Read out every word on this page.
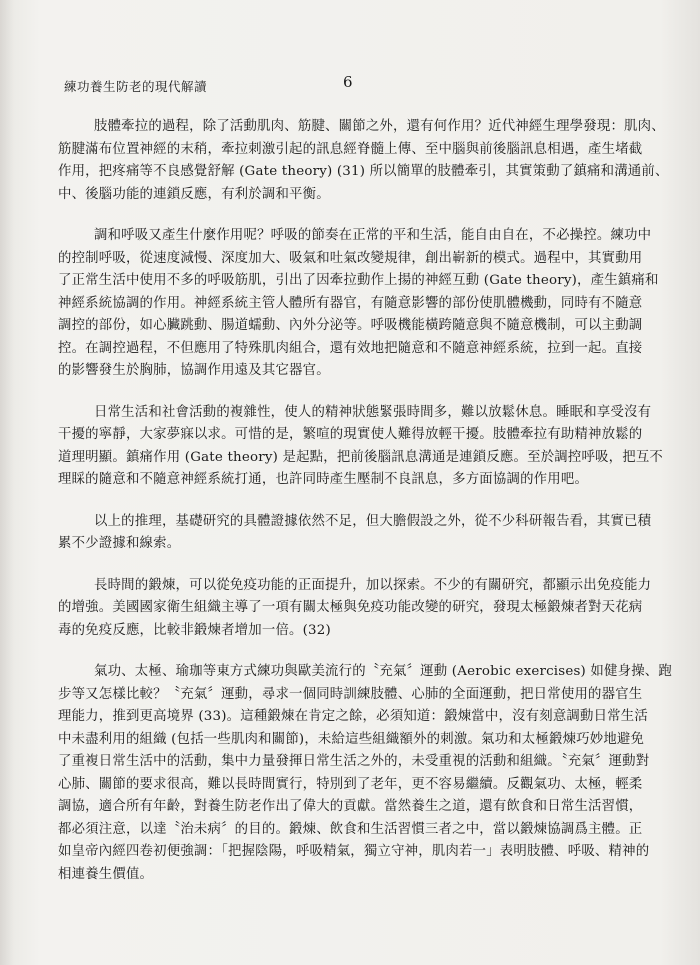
練功養生防老的現代解讀	6
肢體牽拉的過程，除了活動肌肉、筋腱、關節之外，還有何作用？近代神經生理學發現：肌肉、
筋腱滿布位置神經的末稍，牽拉刺激引起的訊息經脊髓上傳、至中腦與前後腦訊息相遇，產生堵截
作用，把疼痛等不良感覺舒解 (Gate theory) (31) 所以簡單的肢體牽引，其實策動了鎮痛和溝通前、
中、後腦功能的連鎖反應，有利於調和平衡。
調和呼吸又產生什麼作用呢？呼吸的節奏在正常的平和生活，能自由自在，不必操控。練功中
的控制呼吸，從速度減慢、深度加大、吸氣和吐氣改變規律，創出嶄新的模式。過程中，其實動用
了正常生活中使用不多的呼吸筋肌，引出了因牽拉動作上揚的神經互動 (Gate theory)，產生鎮痛和
神經系統協調的作用。神經系統主管人體所有器官，有隨意影響的部份使肌體機動，同時有不隨意
調控的部份，如心臟跳動、腸道蠕動、內外分泌等。呼吸機能橫跨隨意與不隨意機制，可以主動調
控。在調控過程，不但應用了特殊肌肉組合，還有效地把隨意和不隨意神經系統，拉到一起。直接
的影響發生於胸肺，協調作用遠及其它器官。
日常生活和社會活動的複雜性，使人的精神狀態緊張時間多，難以放鬆休息。睡眠和享受沒有
干擾的寧靜，大家夢寐以求。可惜的是，繁喧的現實使人難得放輕干擾。肢體牽拉有助精神放鬆的
道理明顯。鎮痛作用 (Gate theory) 是起點，把前後腦訊息溝通是連鎖反應。至於調控呼吸，把互不
理睬的隨意和不隨意神經系統打通，也許同時產生壓制不良訊息，多方面協調的作用吧。
以上的推理，基礎研究的具體證據依然不足，但大膽假設之外，從不少科研報告看，其實已積
累不少證據和線索。
長時間的鍛煉，可以從免疫功能的正面提升，加以探索。不少的有關研究，都顯示出免疫能力
的增強。美國國家衛生組織主導了一項有關太極與免疫功能改變的研究，發現太極鍛煉者對天花病
毒的免疫反應，比較非鍛煉者增加一倍。(32)
氣功、太極、瑜珈等東方式練功與歐美流行的〝充氣〞運動 (Aerobic exercises) 如健身操、跑
步等又怎樣比較？〝充氣〞運動，尋求一個同時訓練肢體、心肺的全面運動，把日常使用的器官生
理能力，推到更高境界 (33)。這種鍛煉在肯定之餘，必須知道：鍛煉當中，沒有刻意調動日常生活
中未盡利用的組織 (包括一些肌肉和關節)，未給這些組織額外的刺激。氣功和太極鍛煉巧妙地避免
了重複日常生活中的活動，集中力量發揮日常生活之外的，未受重視的活動和組織。〝充氣〞運動對
心肺、關節的要求很高，難以長時間實行，特別到了老年，更不容易繼續。反觀氣功、太極，輕柔
調協，適合所有年齡，對養生防老作出了偉大的貢獻。當然養生之道，還有飲食和日常生活習慣，
都必須注意，以達〝治未病〞的目的。鍛煉、飲食和生活習慣三者之中，當以鍛煉協調爲主體。正
如皇帝內經四卷初便強調：「把握陰陽，呼吸精氣，獨立守神，肌肉若一」表明肢體、呼吸、精神的
相連養生價值。
